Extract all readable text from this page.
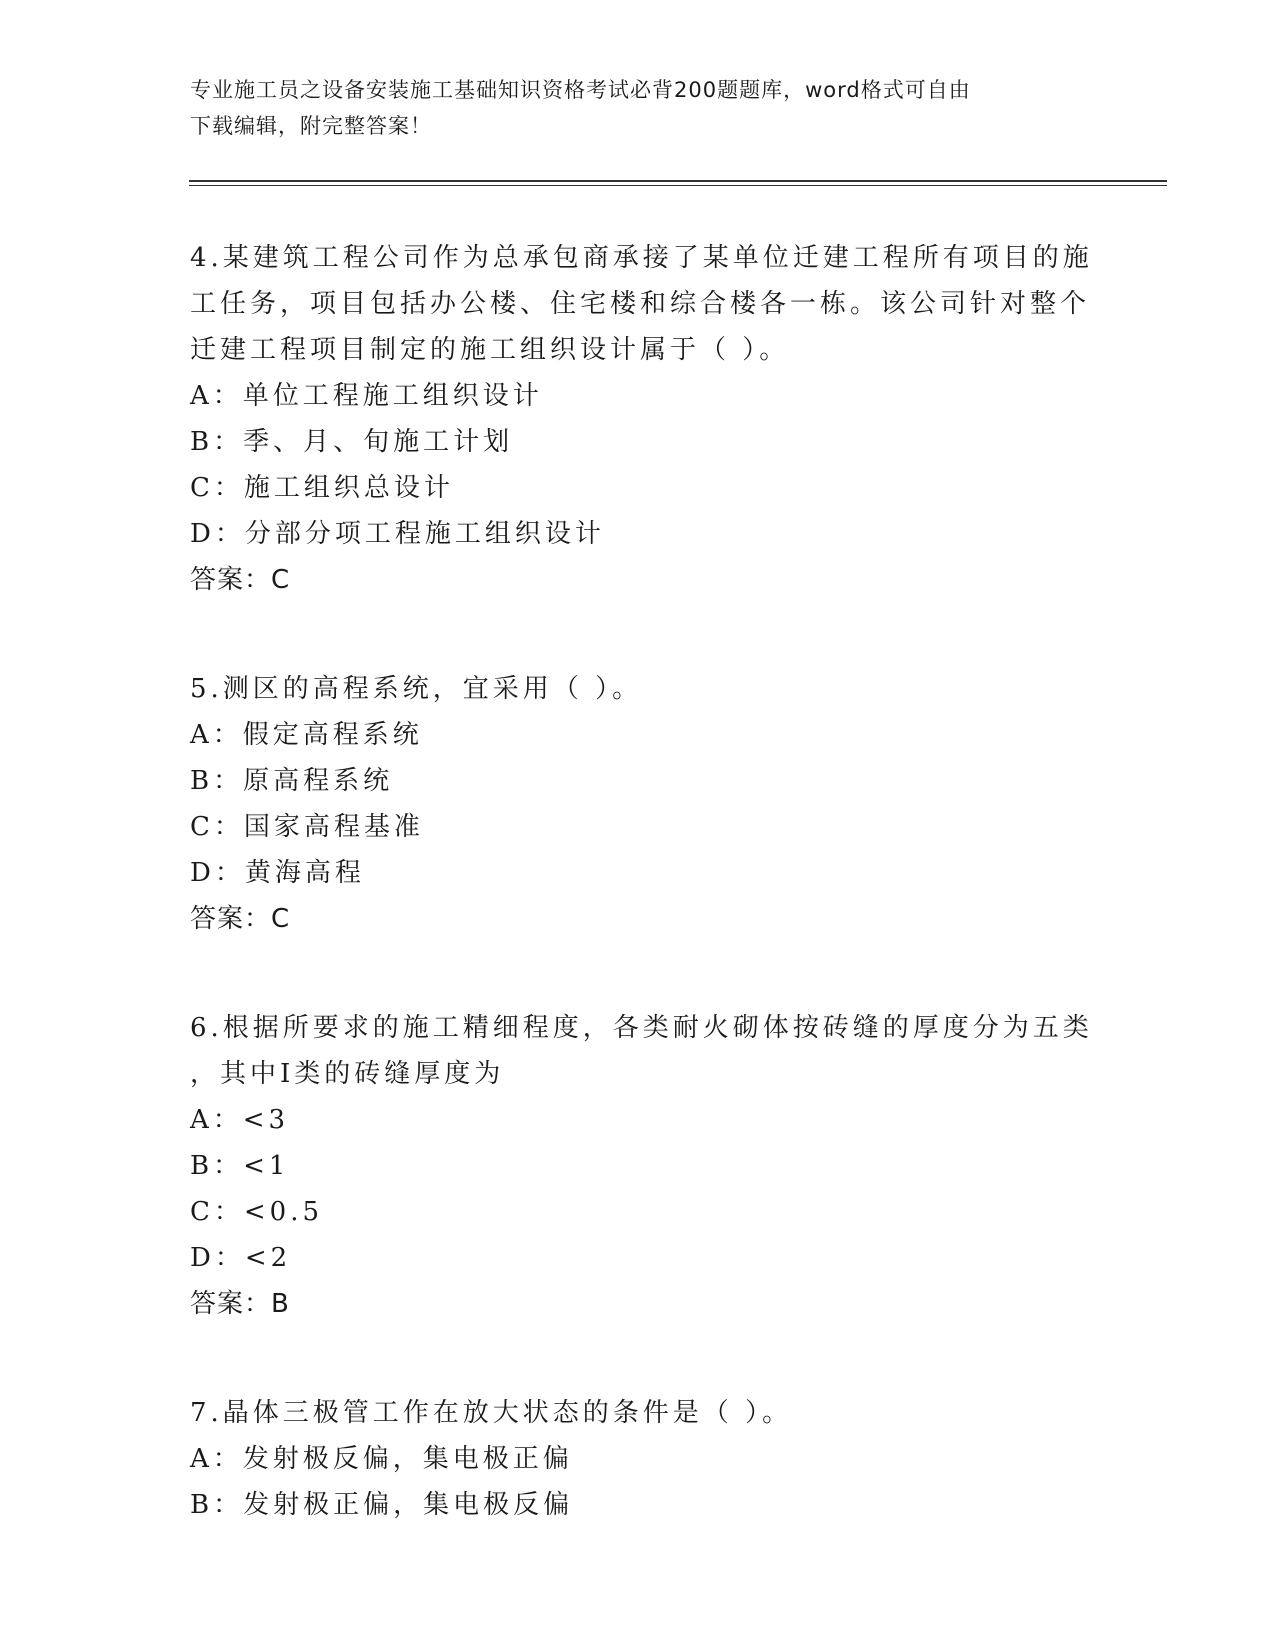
专业施工员之设备安装施工基础知识资格考试必背200题题库，word格式可自由
下载编辑，附完整答案！
4.某建筑工程公司作为总承包商承接了某单位迁建工程所有项目的施
工任务，项目包括办公楼、住宅楼和综合楼各一栋。该公司针对整个
迁建工程项目制定的施工组织设计属于（ ）。
A：单位工程施工组织设计
B：季、月、旬施工计划
C：施工组织总设计
D：分部分项工程施工组织设计
答案：C
5.测区的高程系统，宜采用（ ）。
A：假定高程系统
B：原高程系统
C：国家高程基准
D：黄海高程
答案：C
6.根据所要求的施工精细程度，各类耐火砌体按砖缝的厚度分为五类
，其中Ⅰ类的砖缝厚度为
A：<3
B：<1
C：<0.5
D：<2
答案：B
7.晶体三极管工作在放大状态的条件是（ ）。
A：发射极反偏，集电极正偏
B：发射极正偏，集电极反偏
